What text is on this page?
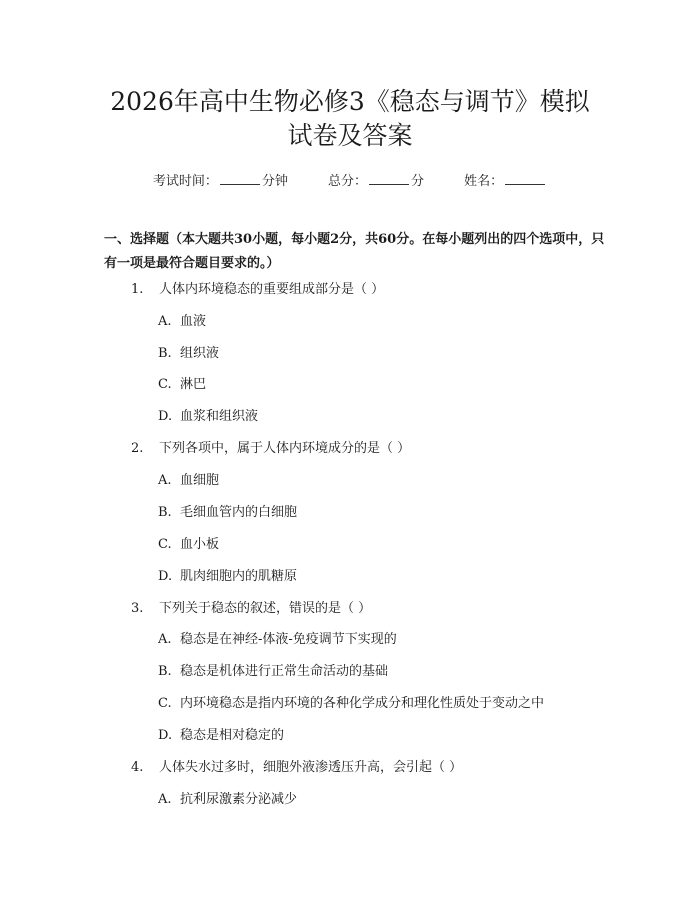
2026年高中生物必修3《稳态与调节》模拟
试卷及答案
考试时间：	分钟	总分：	分	姓名：

一、选择题（本大题共30小题，每小题2分，共60分。在每小题列出的四个选项中，只有一项是最符合题目要求的。）

1. 人体内环境稳态的重要组成部分是（ ）
A. 血液
B. 组织液
C. 淋巴
D. 血浆和组织液
2. 下列各项中，属于人体内环境成分的是（ ）
A. 血细胞
B. 毛细血管内的白细胞
C. 血小板
D. 肌肉细胞内的肌糖原
3. 下列关于稳态的叙述，错误的是（ ）
A. 稳态是在神经-体液-免疫调节下实现的
B. 稳态是机体进行正常生命活动的基础
C. 内环境稳态是指内环境的各种化学成分和理化性质处于变动之中
D. 稳态是相对稳定的
4. 人体失水过多时，细胞外液渗透压升高，会引起（ ）
A. 抗利尿激素分泌减少
